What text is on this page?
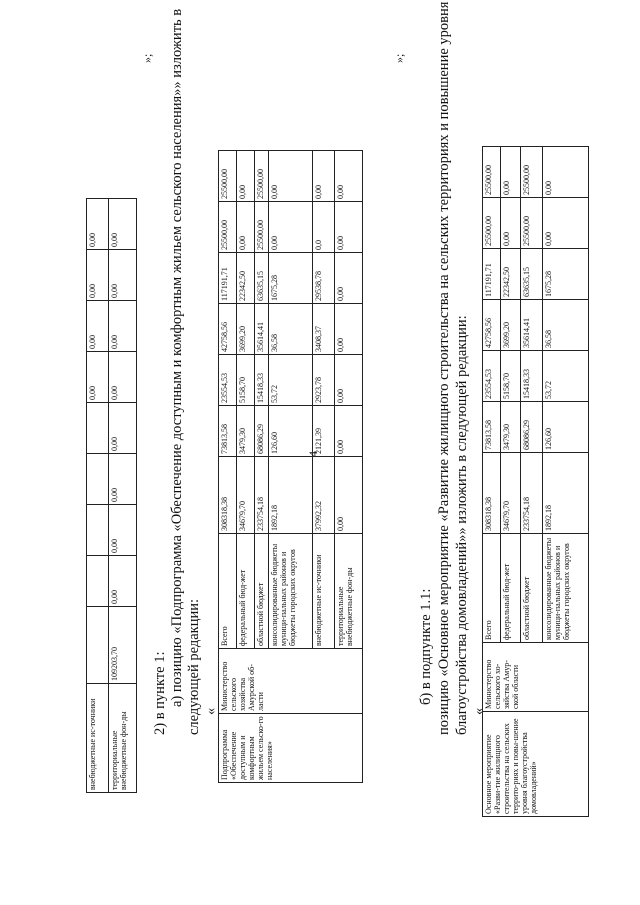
внебюджетные ис-точники						0,00	0,00	0,00	0,00
территориальные внебюджетные фон-ды	109203,70	0,00	0,00	0,00	0,00	0,00	0,00	0,00	0,00
»;
4
2) в пункте 1: а) позицию «Подпрограмма «Обеспечение доступным и комфортным жильем сельского населения»» изложить в следующей редакции: «
Подпрограмма «Обеспечение доступным и комфортным жильем сельско-го населения»	Министерство сельского хозяйства Амурской об-ласти	Всего	308318,38	73813,58	23554,53	42758,56	117191,71	25500,00	25500,00
		федеральный бюд-жет	34679,70	3479,30	5158,70	3699,20	22342,50	0,00	0,00
		областной бюджет	233754,18	68086,29	15418,33	35614,41	63635,15	25500,00	25500,00
		консолидированные бюджеты муници-пальных районов и бюджеты городских округов	1892,18	126,60	53,72	36,58	1675,28	0,00	0,00
		внебюджетные ис-точники	37992,32	2121,39	2923,78	3408,37	29538,78	0,0	0,00
		территориальные внебюджетные фон-ды	0,00	0,00	0,00	0,00	0,00	0,00	0,00
»;
б) в подпункте 1.1: позицию «Основное мероприятие «Развитие жилищного строительства на сельских территориях и повышение уровня благоустройства домовладений»» изложить в следующей редакции: «
Основное мероприятие «Разви-тие жилищного строительства на сельских террито-риях и повы-шение уровня благоустройства домовладений»	Министерство сельского хо-зяйства Амур-ской области	Всего	308318,38	73813,58	23554,53	42758,56	117191,71	25500,00	25500,00
		федеральный бюд-жет	34679,70	3479,30	5158,70	3699,20	22342,50	0,00	0,00
		областной бюджет	233754,18	68086,29	15418,33	35614,41	63635,15	25500,00	25500,00
		консолидированные бюджеты муници-пальных районов и бюджеты городских округов	1892,18	126,60	53,72	36,58	1675,28	0,00	0,00
